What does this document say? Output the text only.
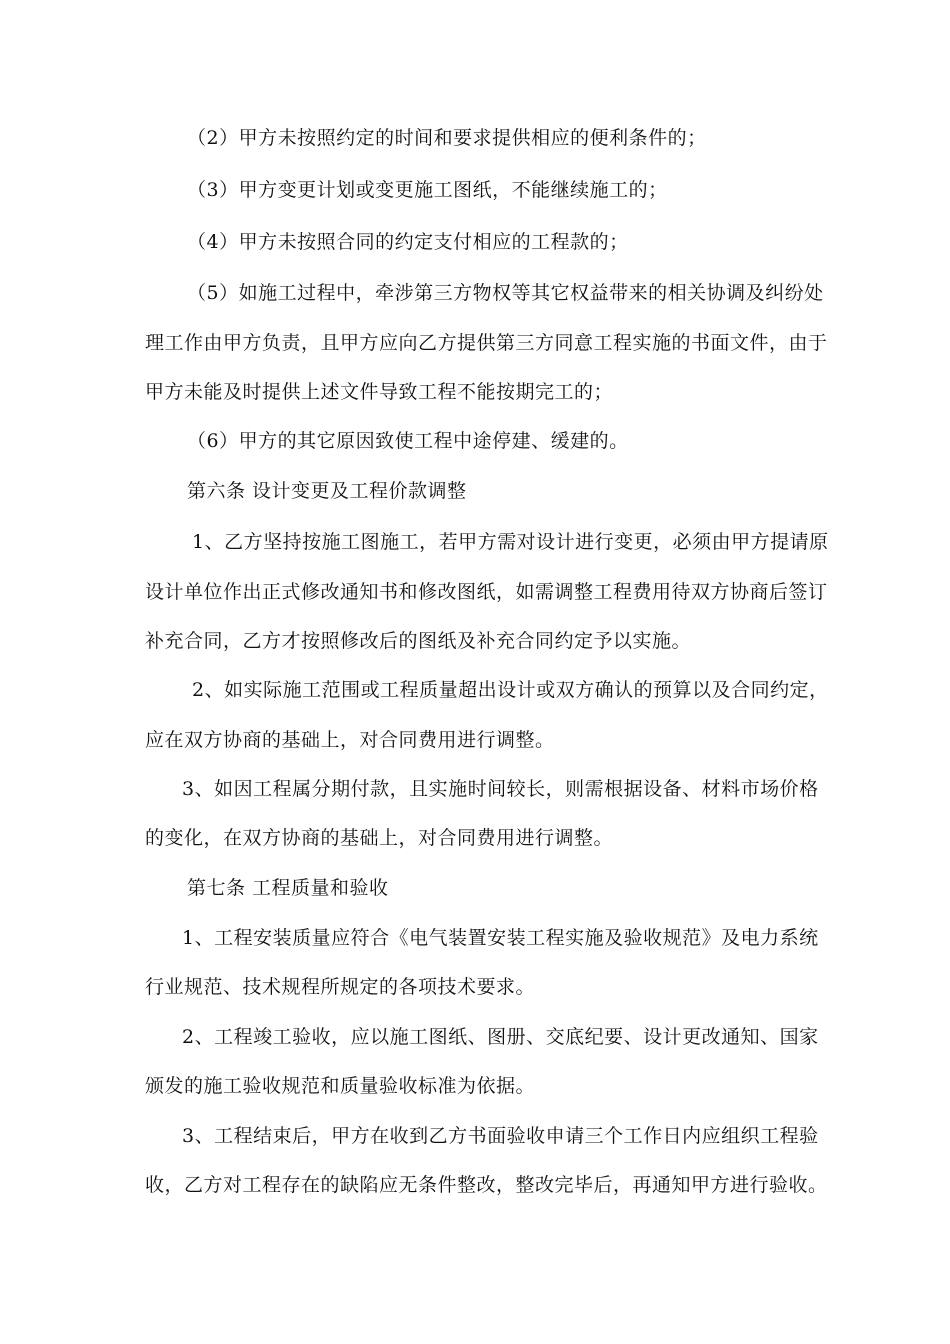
（2）甲方未按照约定的时间和要求提供相应的便利条件的；
（3）甲方变更计划或变更施工图纸，不能继续施工的；
（4）甲方未按照合同的约定支付相应的工程款的；
（5）如施工过程中，牵涉第三方物权等其它权益带来的相关协调及纠纷处
理工作由甲方负责，且甲方应向乙方提供第三方同意工程实施的书面文件，由于
甲方未能及时提供上述文件导致工程不能按期完工的；
（6）甲方的其它原因致使工程中途停建、缓建的。
第六条 设计变更及工程价款调整
1、乙方坚持按施工图施工，若甲方需对设计进行变更，必须由甲方提请原
设计单位作出正式修改通知书和修改图纸，如需调整工程费用待双方协商后签订
补充合同，乙方才按照修改后的图纸及补充合同约定予以实施。
2、如实际施工范围或工程质量超出设计或双方确认的预算以及合同约定，
应在双方协商的基础上，对合同费用进行调整。
3、如因工程属分期付款，且实施时间较长，则需根据设备、材料市场价格
的变化，在双方协商的基础上，对合同费用进行调整。
第七条 工程质量和验收
1、工程安装质量应符合《电气装置安装工程实施及验收规范》及电力系统
行业规范、技术规程所规定的各项技术要求。
2、工程竣工验收，应以施工图纸、图册、交底纪要、设计更改通知、国家
颁发的施工验收规范和质量验收标准为依据。
3、工程结束后，甲方在收到乙方书面验收申请三个工作日内应组织工程验
收，乙方对工程存在的缺陷应无条件整改，整改完毕后，再通知甲方进行验收。
